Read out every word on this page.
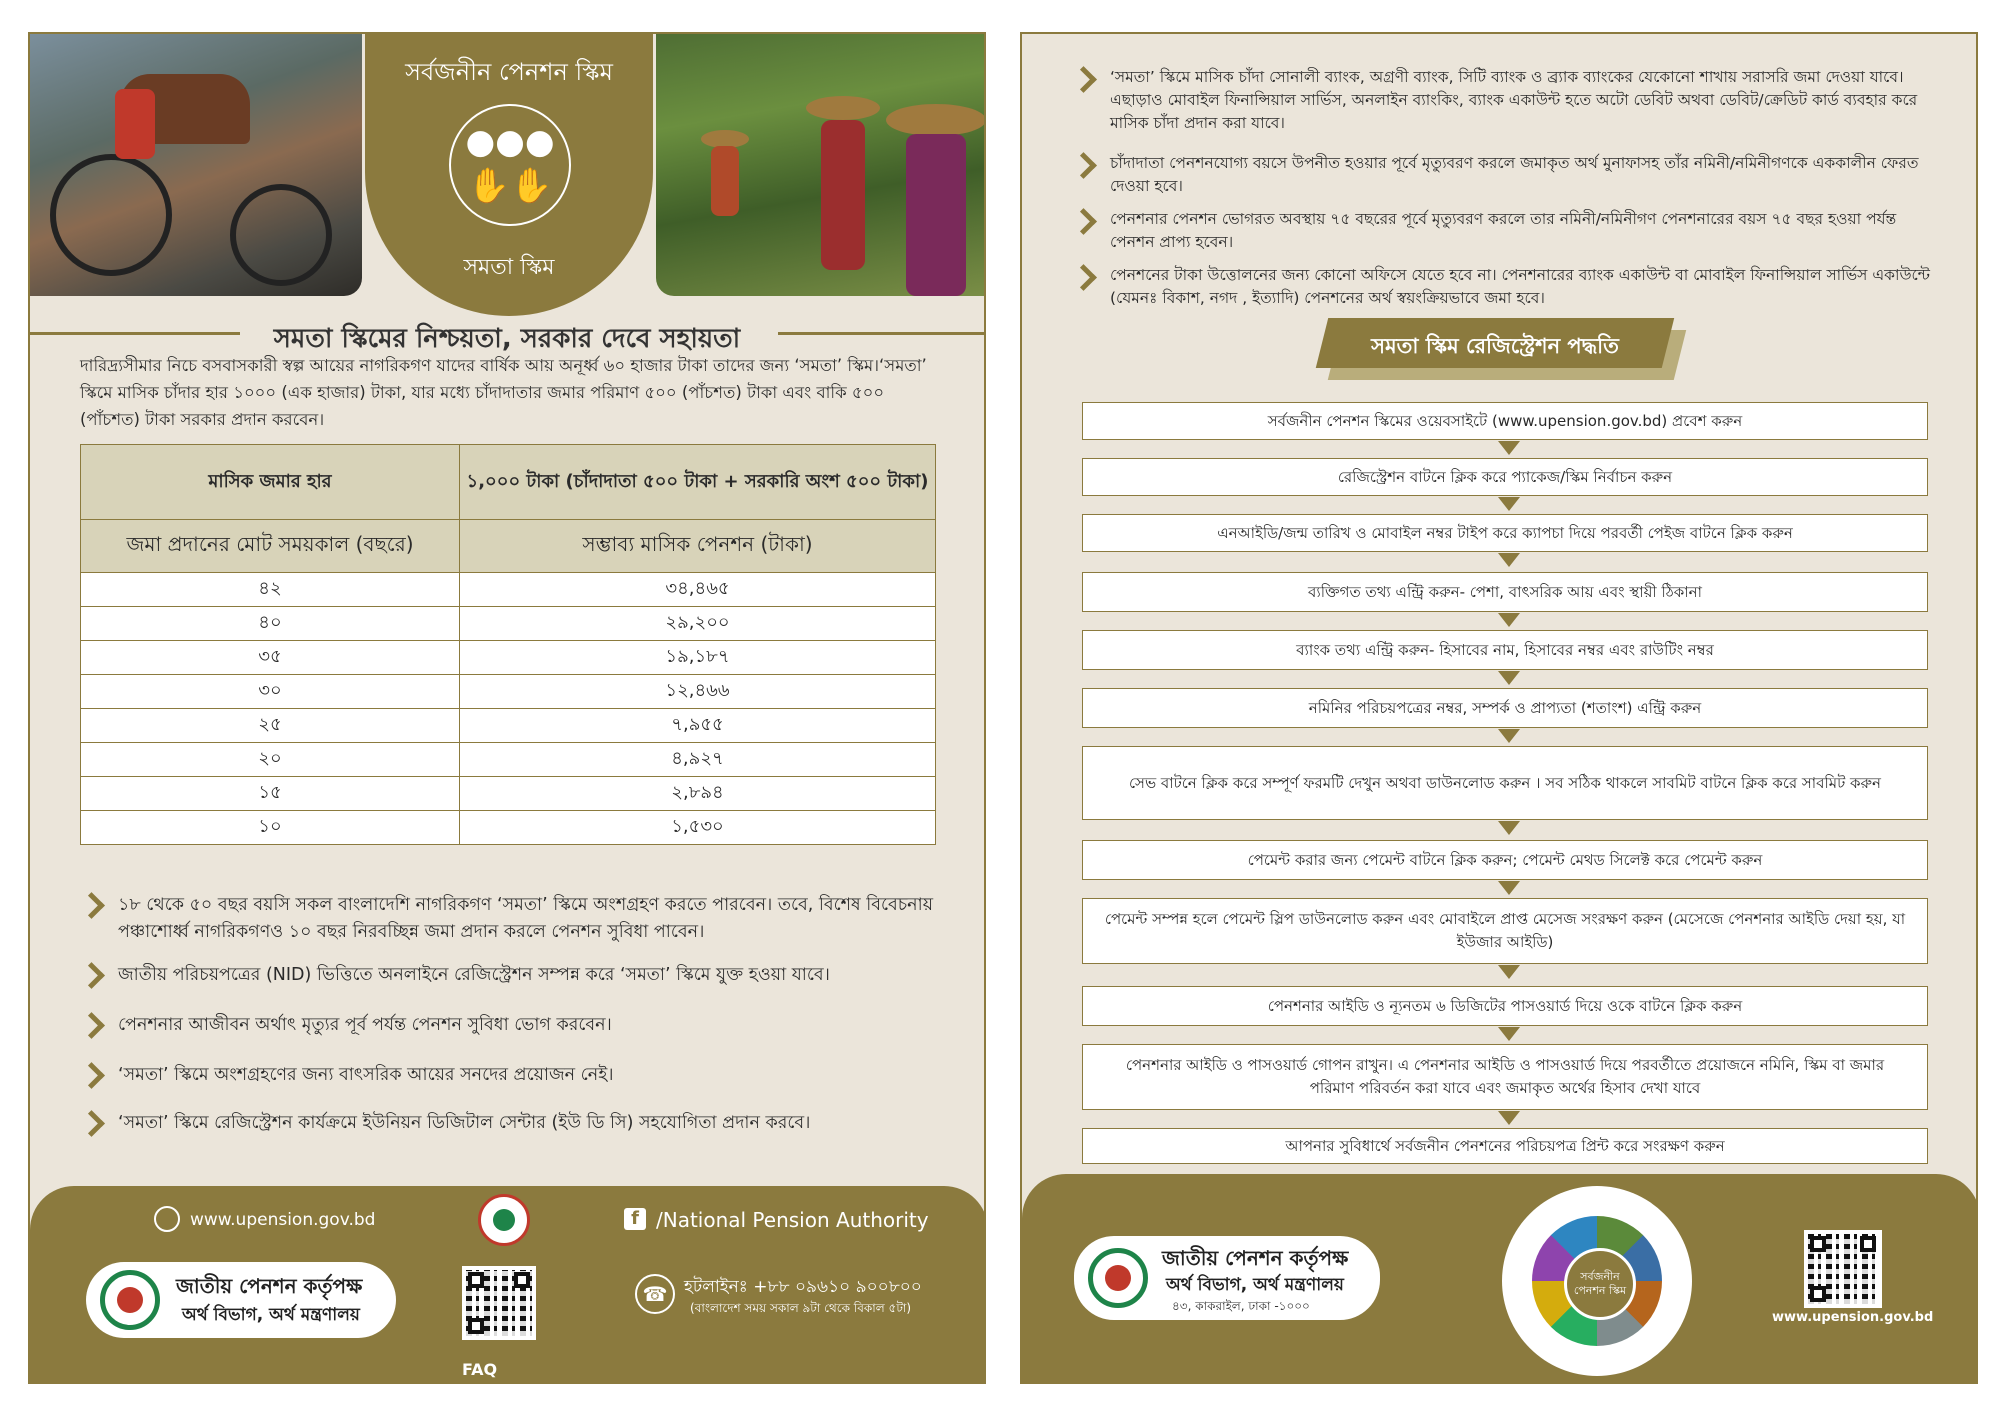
সর্বজনীন পেনশন স্কিম
●●●
✋✋
সমতা স্কিম
সমতা স্কিমের নিশ্চয়তা, সরকার দেবে সহায়তা
দারিদ্র্যসীমার নিচে বসবাসকারী স্বল্প আয়ের নাগরিকগণ যাদের বার্ষিক আয় অনূর্ধ্ব ৬০ হাজার টাকা তাদের জন্য ‘সমতা’ স্কিম।‘সমতা’ স্কিমে মাসিক চাঁদার হার ১০০০ (এক হাজার) টাকা, যার মধ্যে চাঁদাদাতার জমার পরিমাণ ৫০০ (পাঁচশত) টাকা এবং বাকি ৫০০ (পাঁচশত) টাকা সরকার প্রদান করবেন।
মাসিক জমার হার	১,০০০ টাকা (চাঁদাদাতা ৫০০ টাকা + সরকারি অংশ ৫০০ টাকা)
জমা প্রদানের মোট সময়কাল (বছরে)	সম্ভাব্য মাসিক পেনশন (টাকা)
৪২	৩৪,৪৬৫
৪০	২৯,২০০
৩৫	১৯,১৮৭
৩০	১২,৪৬৬
২৫	৭,৯৫৫
২০	৪,৯২৭
১৫	২,৮৯৪
১০	১,৫৩০
১৮ থেকে ৫০ বছর বয়সি সকল বাংলাদেশি নাগরিকগণ ‘সমতা’ স্কিমে অংশগ্রহণ করতে পারবেন। তবে, বিশেষ বিবেচনায় পঞ্চাশোর্ধ্ব নাগরিকগণও ১০ বছর নিরবচ্ছিন্ন জমা প্রদান করলে পেনশন সুবিধা পাবেন।
জাতীয় পরিচয়পত্রের (NID) ভিত্তিতে অনলাইনে রেজিস্ট্রেশন সম্পন্ন করে ‘সমতা’ স্কিমে যুক্ত হওয়া যাবে।
পেনশনার আজীবন অর্থাৎ মৃত্যুর পূর্ব পর্যন্ত পেনশন সুবিধা ভোগ করবেন।
‘সমতা’ স্কিমে অংশগ্রহণের জন্য বাৎসরিক আয়ের সনদের প্রয়োজন নেই।
‘সমতা’ স্কিমে রেজিস্ট্রেশন কার্যক্রমে ইউনিয়ন ডিজিটাল সেন্টার (ইউ ডি সি) সহযোগিতা প্রদান করবে।
www.upension.gov.bd	f /National Pension Authority
জাতীয় পেনশন কর্তৃপক্ষ
অর্থ বিভাগ, অর্থ মন্ত্রণালয়
FAQ
☎ হটলাইনঃ +৮৮ ০৯৬১০ ৯০০৮০০
(বাংলাদেশ সময় সকাল ৯টা থেকে বিকাল ৫টা)
‘সমতা’ স্কিমে মাসিক চাঁদা সোনালী ব্যাংক, অগ্রণী ব্যাংক, সিটি ব্যাংক ও ব্র্যাক ব্যাংকের যেকোনো শাখায় সরাসরি জমা দেওয়া যাবে। এছাড়াও মোবাইল ফিনান্সিয়াল সার্ভিস, অনলাইন ব্যাংকিং, ব্যাংক একাউন্ট হতে অটো ডেবিট অথবা ডেবিট/ক্রেডিট কার্ড ব্যবহার করে মাসিক চাঁদা প্রদান করা যাবে।
চাঁদাদাতা পেনশনযোগ্য বয়সে উপনীত হওয়ার পূর্বে মৃত্যুবরণ করলে জমাকৃত অর্থ মুনাফাসহ তাঁর নমিনী/নমিনীগণকে এককালীন ফেরত দেওয়া হবে।
পেনশনার পেনশন ভোগরত অবস্থায় ৭৫ বছরের পূর্বে মৃত্যুবরণ করলে তার নমিনী/নমিনীগণ পেনশনারের বয়স ৭৫ বছর হওয়া পর্যন্ত পেনশন প্রাপ্য হবেন।
পেনশনের টাকা উত্তোলনের জন্য কোনো অফিসে যেতে হবে না। পেনশনারের ব্যাংক একাউন্ট বা মোবাইল ফিনান্সিয়াল সার্ভিস একাউন্টে (যেমনঃ বিকাশ, নগদ , ইত্যাদি) পেনশনের অর্থ স্বয়ংক্রিয়ভাবে জমা হবে।
সমতা স্কিম রেজিস্ট্রেশন পদ্ধতি
সর্বজনীন পেনশন স্কিমের ওয়েবসাইটে (www.upension.gov.bd) প্রবেশ করুন
রেজিস্ট্রেশন বাটনে ক্লিক করে প্যাকেজ/স্কিম নির্বাচন করুন
এনআইডি/জন্ম তারিখ ও মোবাইল নম্বর টাইপ করে ক্যাপচা দিয়ে পরবর্তী পেইজ বাটনে ক্লিক করুন
ব্যক্তিগত তথ্য এন্ট্রি করুন- পেশা, বাৎসরিক আয় এবং স্থায়ী ঠিকানা
ব্যাংক তথ্য এন্ট্রি করুন- হিসাবের নাম, হিসাবের নম্বর এবং রাউটিং নম্বর
নমিনির পরিচয়পত্রের নম্বর, সম্পর্ক ও প্রাপ্যতা (শতাংশ) এন্ট্রি করুন
সেভ বাটনে ক্লিক করে সম্পূর্ণ ফরমটি দেখুন অথবা ডাউনলোড করুন । সব সঠিক থাকলে সাবমিট বাটনে ক্লিক করে সাবমিট করুন
পেমেন্ট করার জন্য পেমেন্ট বাটনে ক্লিক করুন; পেমেন্ট মেথড সিলেক্ট করে পেমেন্ট করুন
পেমেন্ট সম্পন্ন হলে পেমেন্ট স্লিপ ডাউনলোড করুন এবং মোবাইলে প্রাপ্ত মেসেজ সংরক্ষণ করুন (মেসেজে পেনশনার আইডি দেয়া হয়, যা ইউজার আইডি)
পেনশনার আইডি ও ন্যূনতম ৬ ডিজিটের পাসওয়ার্ড দিয়ে ওকে বাটনে ক্লিক করুন
পেনশনার আইডি ও পাসওয়ার্ড গোপন রাখুন। এ পেনশনার আইডি ও পাসওয়ার্ড দিয়ে পরবর্তীতে প্রয়োজনে নমিনি, স্কিম বা জমার পরিমাণ পরিবর্তন করা যাবে এবং জমাকৃত অর্থের হিসাব দেখা যাবে
আপনার সুবিধার্থে সর্বজনীন পেনশনের পরিচয়পত্র প্রিন্ট করে সংরক্ষণ করুন
জাতীয় পেনশন কর্তৃপক্ষ
অর্থ বিভাগ, অর্থ মন্ত্রণালয়
৪৩, কাকরাইল, ঢাকা -১০০০
সর্বজনীন পেনশন স্কিম
www.upension.gov.bd
